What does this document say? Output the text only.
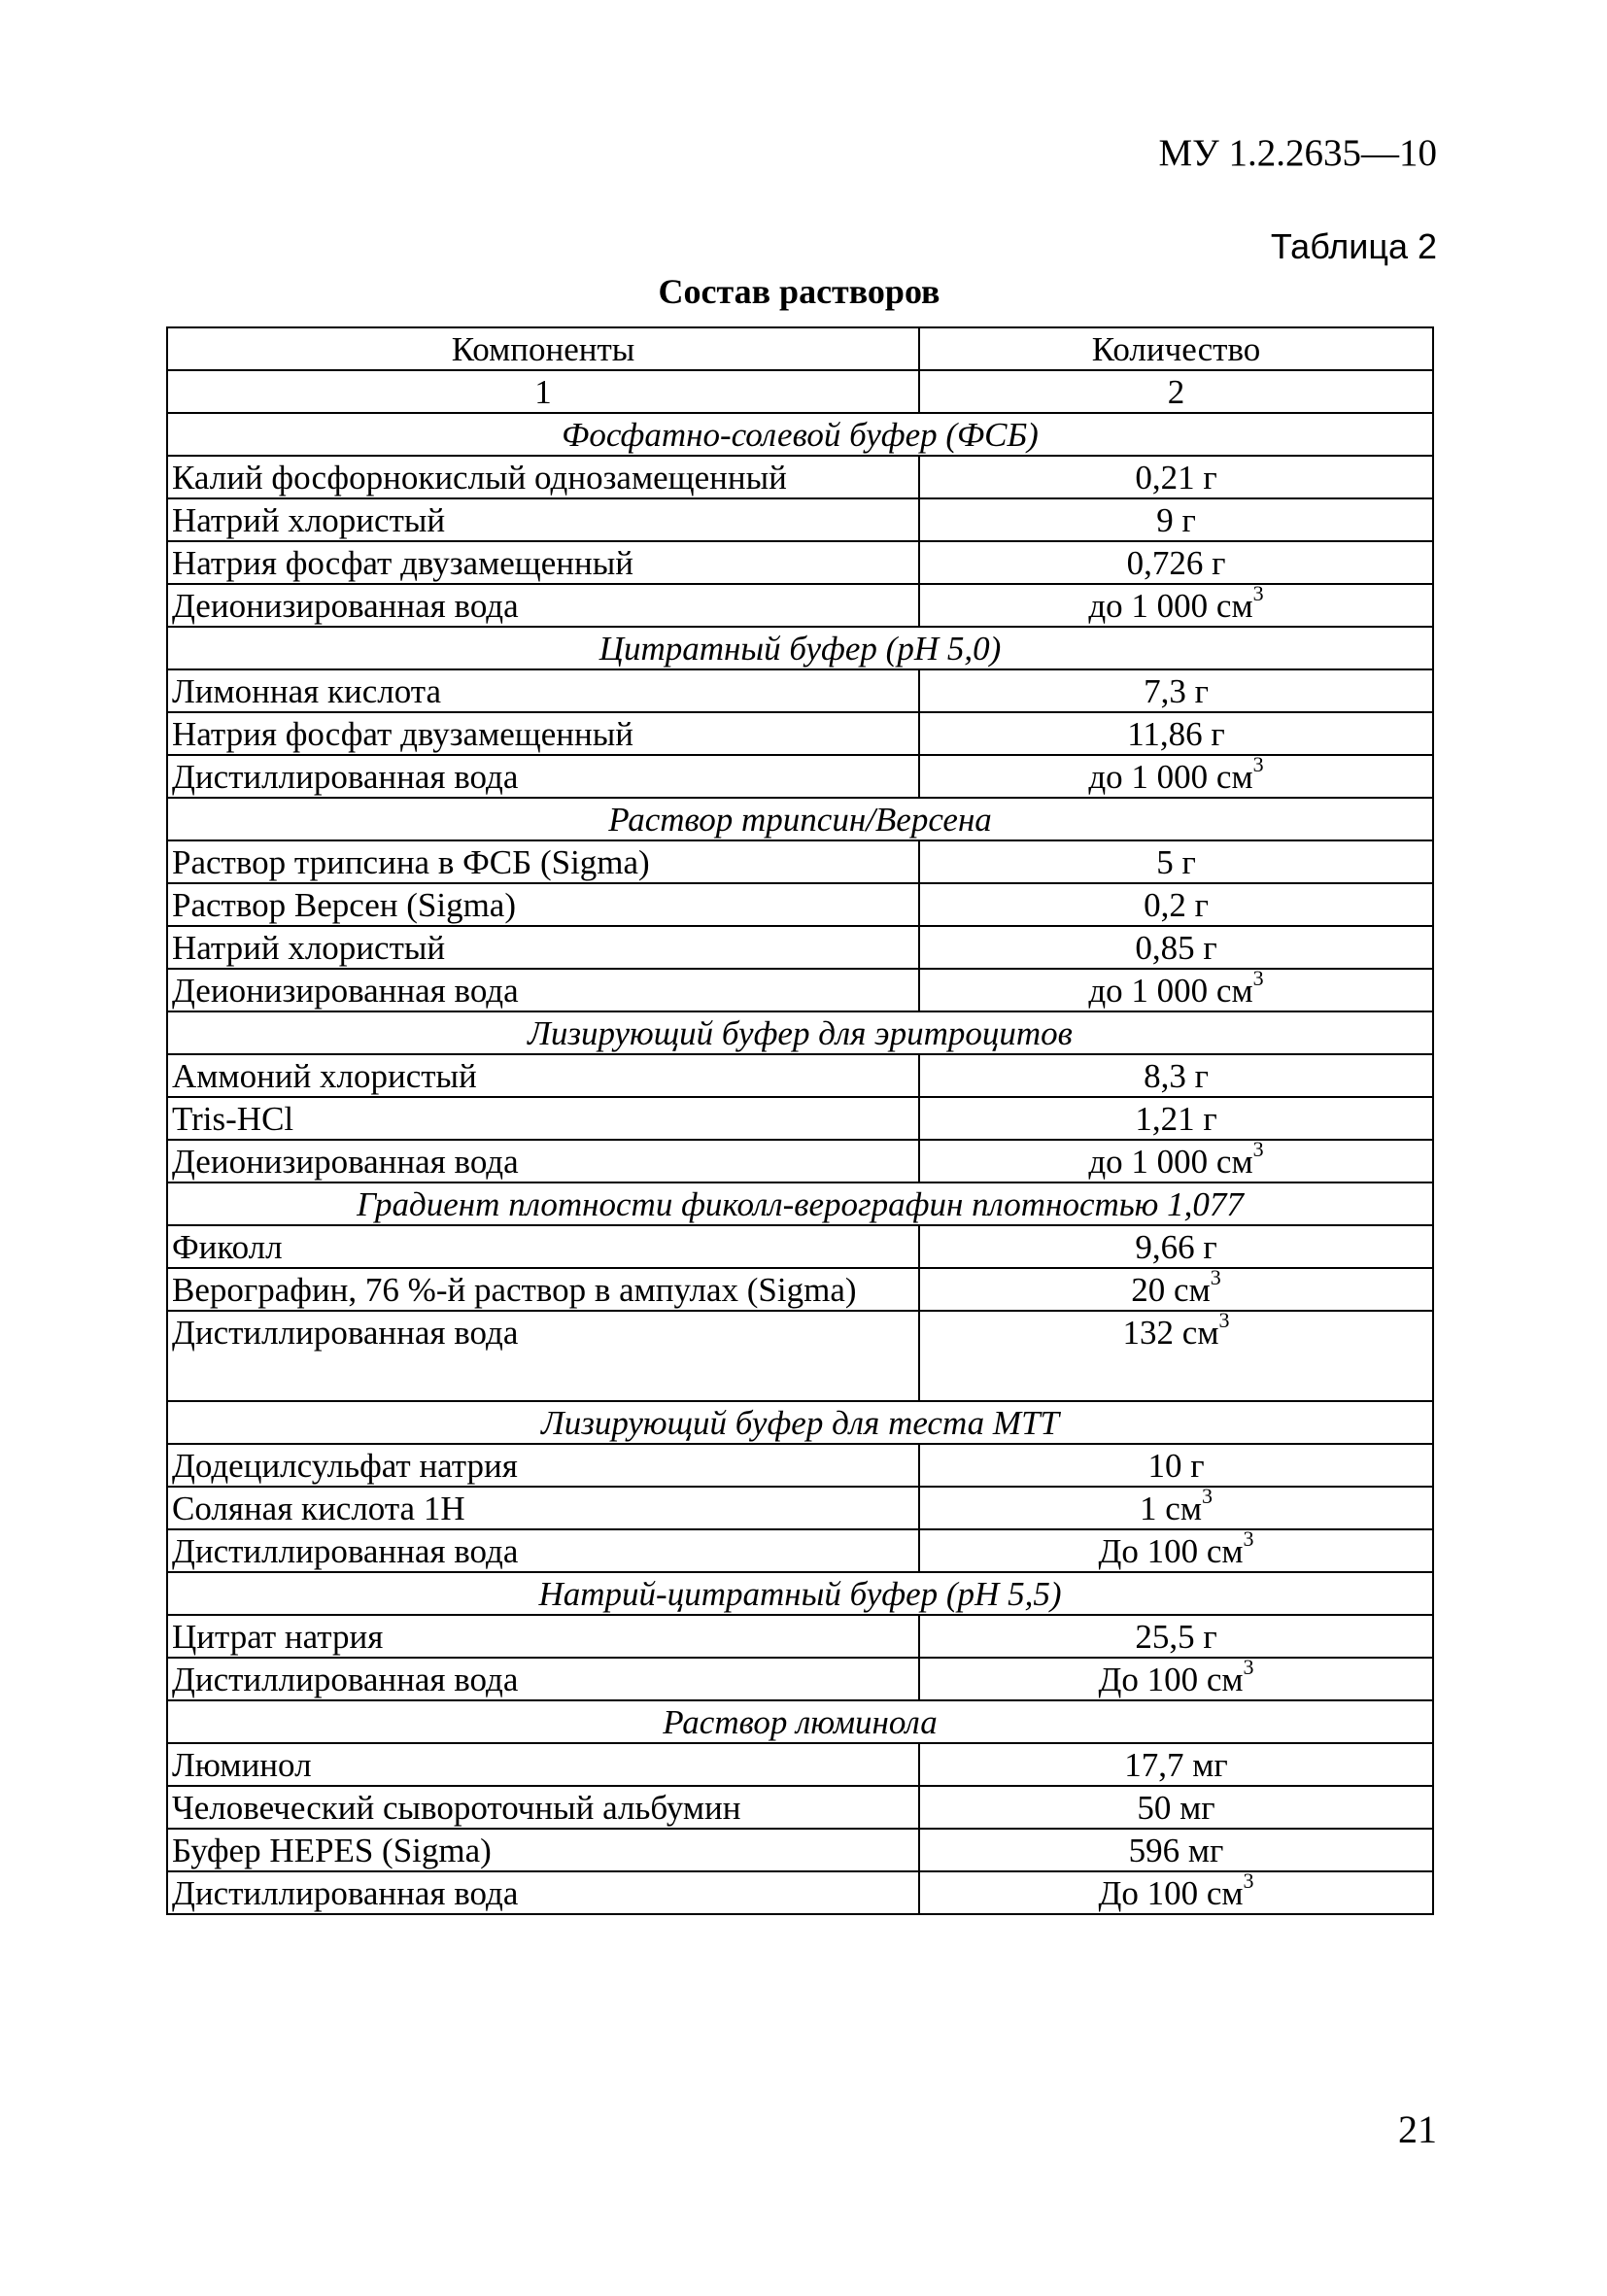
МУ 1.2.2635—10
Таблица 2
Состав растворов
Компоненты	Количество
1	2
Фосфатно-солевой буфер (ФСБ)	
Калий фосфорнокислый однозамещенный	0,21 г
Натрий хлористый	9 г
Натрия фосфат двузамещенный	0,726 г
Деионизированная вода	до 1 000 $см^3$
Цитратный буфер (рН 5,0)	
Лимонная кислота	7,3 г
Натрия фосфат двузамещенный	11,86 г
Дистиллированная вода	до 1 000 $см^3$
Раствор трипсин/Версена	
Раствор трипсина в ФСБ (Sigma)	5 г
Раствор Версен (Sigma)	0,2 г
Натрий хлористый	0,85 г
Деионизированная вода	до 1 000 $см^3$
Лизирующий буфер для эритроцитов	
Аммоний хлористый	8,3 г
Tris-HCl	1,21 г
Деионизированная вода	до 1 000 $см^3$
Градиент плотности фиколл-верографин плотностью 1,077	
Фиколл	9,66 г
Верографин, 76 %-й раствор в ампулах (Sigma)	20 $см^3$
Дистиллированная вода	132 $см^3$
Лизирующий буфер для теста МТТ	
Додецилсульфат натрия	10 г
Соляная кислота 1Н	1 $см^3$
Дистиллированная вода	До 100 $см^3$
Натрий-цитратный буфер (рН 5,5)	
Цитрат натрия	25,5 г
Дистиллированная вода	До 100 $см^3$
Раствор люминола	
Люминол	17,7 мг
Человеческий сывороточный альбумин	50 мг
Буфер HEPES (Sigma)	596 мг
Дистиллированная вода	До 100 $см^3$
21
